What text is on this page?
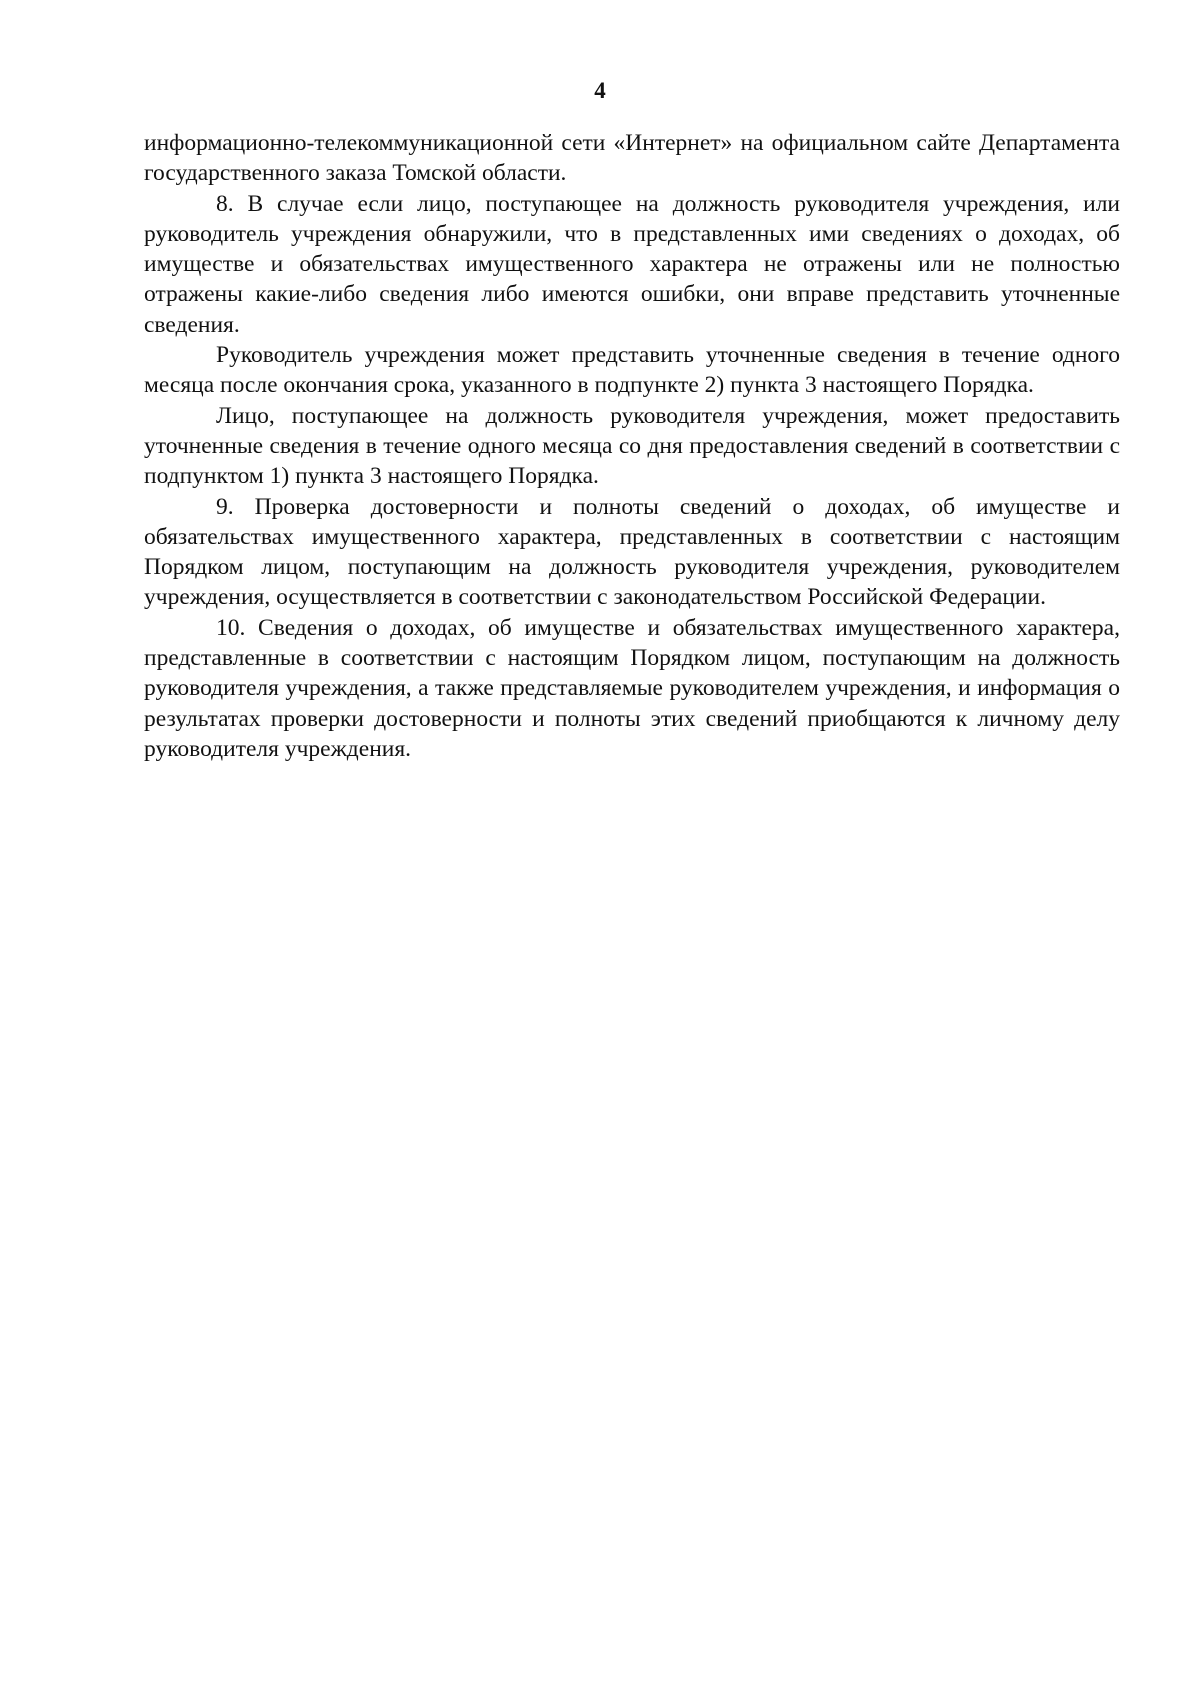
4

информационно-телекоммуникационной сети «Интернет» на официальном сайте Департамента государственного заказа Томской области.

8. В случае если лицо, поступающее на должность руководителя учреждения, или руководитель учреждения обнаружили, что в представленных ими сведениях о доходах, об имуществе и обязательствах имущественного характера не отражены или не полностью отражены какие-либо сведения либо имеются ошибки, они вправе представить уточненные сведения.

Руководитель учреждения может представить уточненные сведения в течение одного месяца после окончания срока, указанного в подпункте 2) пункта 3 настоящего Порядка.

Лицо, поступающее на должность руководителя учреждения, может предоставить уточненные сведения в течение одного месяца со дня предоставления сведений в соответствии с подпунктом 1) пункта 3 настоящего Порядка.

9. Проверка достоверности и полноты сведений о доходах, об имуществе и обязательствах имущественного характера, представленных в соответствии с настоящим Порядком лицом, поступающим на должность руководителя учреждения, руководителем учреждения, осуществляется в соответствии с законодательством Российской Федерации.

10. Сведения о доходах, об имуществе и обязательствах имущественного характера, представленные в соответствии с настоящим Порядком лицом, поступающим на должность руководителя учреждения, а также представляемые руководителем учреждения, и информация о результатах проверки достоверности и полноты этих сведений приобщаются к личному делу руководителя учреждения.
